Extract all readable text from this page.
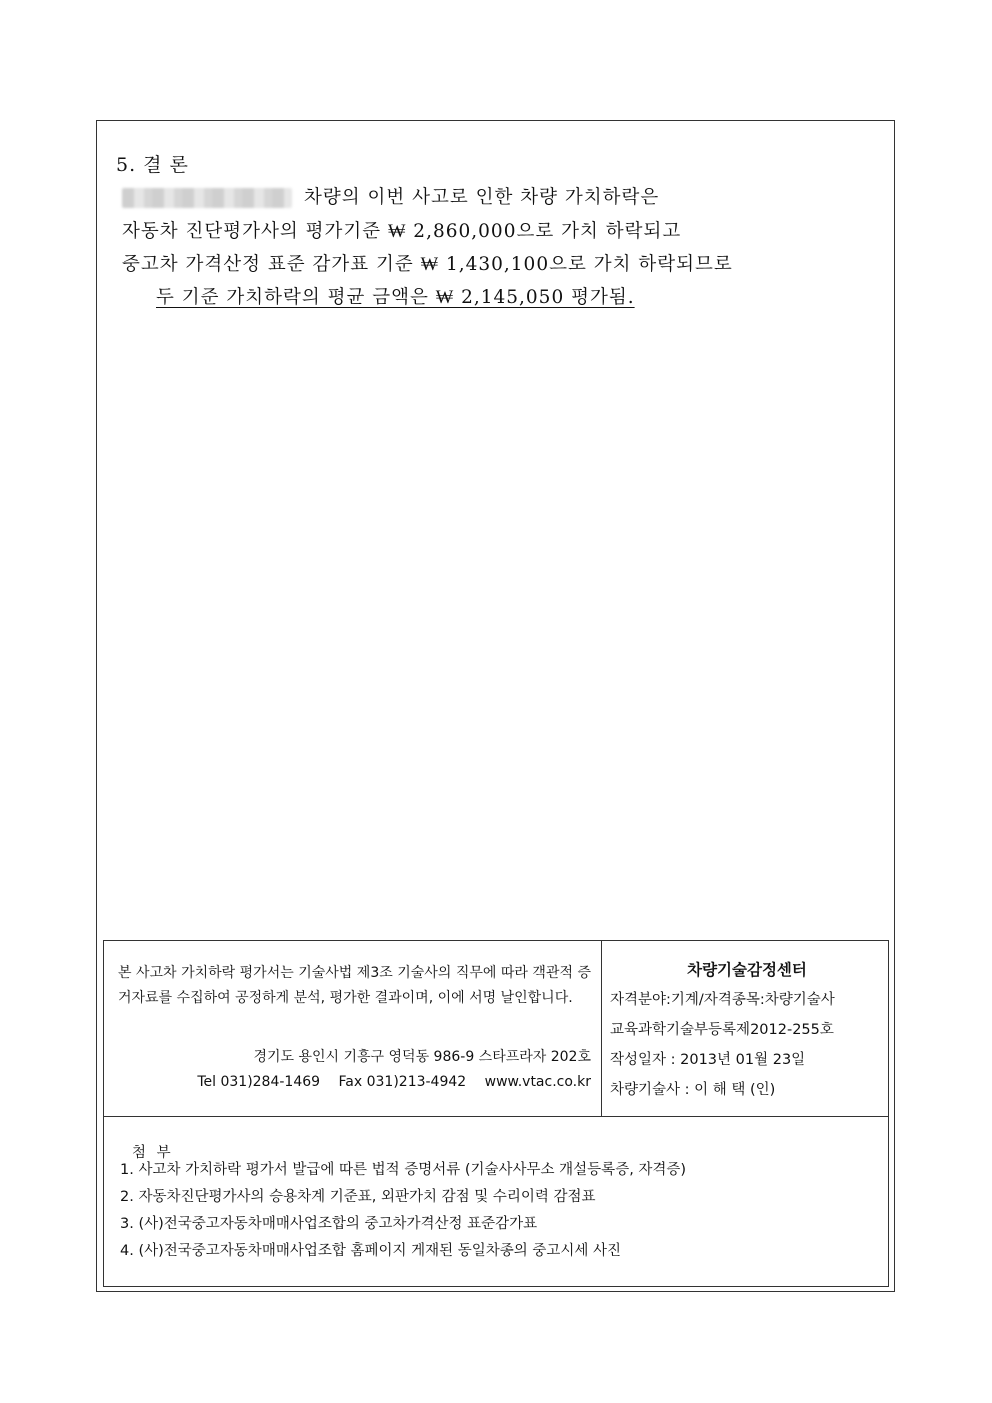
5. 결 론
차량의 이번 사고로 인한 차량 가치하락은
자동차 진단평가사의 평가기준 ₩ 2,860,000으로 가치 하락되고
중고차 가격산정 표준 감가표 기준 ₩ 1,430,100으로 가치 하락되므로
두 기준 가치하락의 평균 금액은 ₩ 2,145,050 평가됨.

본 사고차 가치하락 평가서는 기술사법 제3조 기술사의 직무에 따라 객관적 증거자료를 수집하여 공정하게 분석, 평가한 결과이며, 이에 서명 날인합니다.

경기도 용인시 기흥구 영덕동 986-9 스타프라자 202호
Tel 031)284-1469 Fax 031)213-4942 www.vtac.co.kr
차량기술감정센터
자격분야:기계/자격종목:차량기술사
교육과학기술부등록제2012-255호
작성일자 : 2013년 01월 23일
차량기술사 : 이 해 택 (인)
첨 부
1. 사고차 가치하락 평가서 발급에 따른 법적 증명서류 (기술사사무소 개설등록증, 자격증)
2. 자동차진단평가사의 승용차계 기준표, 외판가치 감점 및 수리이력 감점표
3. (사)전국중고자동차매매사업조합의 중고차가격산정 표준감가표
4. (사)전국중고자동차매매사업조합 홈페이지 게재된 동일차종의 중고시세 사진
